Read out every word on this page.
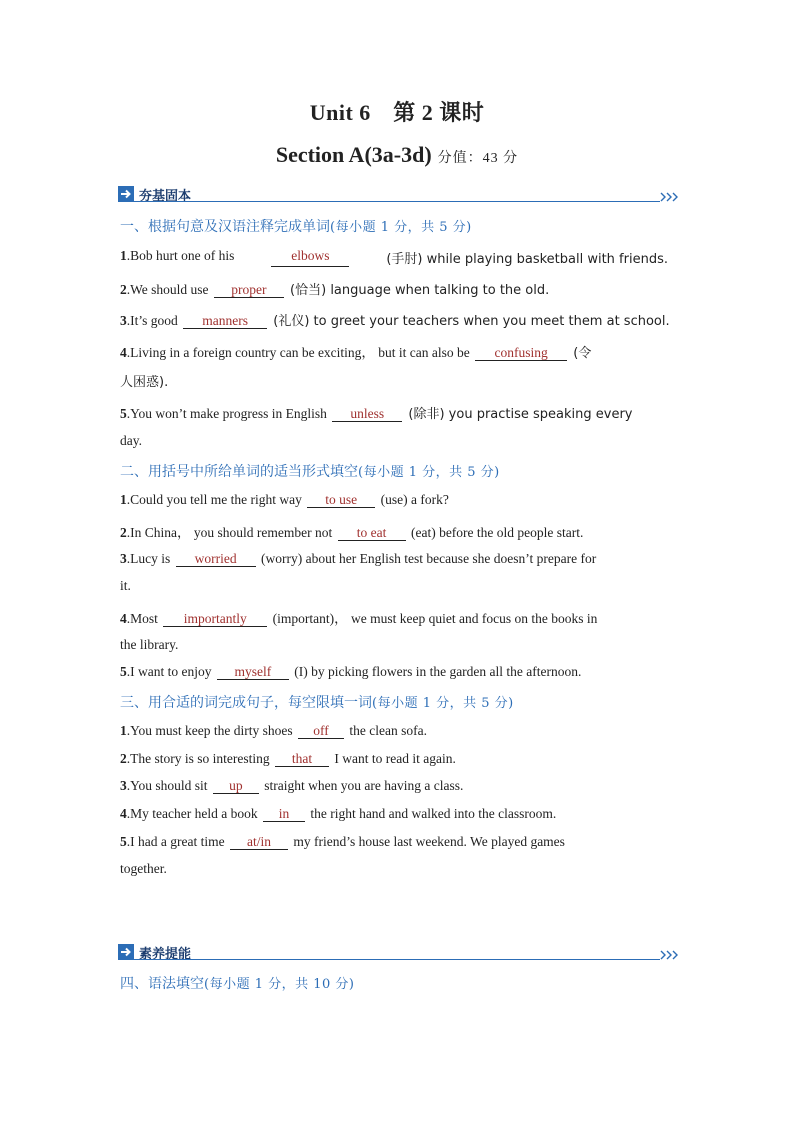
Unit 6　第 2 课时
Section A(3a-3d) 分值：43 分
夯基固本
一、根据句意及汉语注释完成单词(每小题 1 分，共 5 分)
1.Bob hurt one of his	elbows	(手肘) while playing basketball with friends.
2.We should use proper (恰当) language when talking to the old.
3.It’s good manners (礼仪) to greet your teachers when you meet them at school.
4.Living in a foreign country can be exciting， but it can also be confusing (令
人困惑).
5.You won’t make progress in English unless (除非) you practise speaking every
day.
二、用括号中所给单词的适当形式填空(每小题 1 分，共 5 分)
1.Could you tell me the right way to use (use) a fork?
2.In China， you should remember not to eat (eat) before the old people start.
3.Lucy is worried (worry) about her English test because she doesn’t prepare for
it.
4.Most importantly (important)， we must keep quiet and focus on the books in
the library.
5.I want to enjoy myself (I) by picking flowers in the garden all the afternoon.
三、用合适的词完成句子，每空限填一词(每小题 1 分，共 5 分)
1.You must keep the dirty shoes off the clean sofa.
2.The story is so interesting that I want to read it again.
3.You should sit up straight when you are having a class.
4.My teacher held a book in the right hand and walked into the classroom.
5.I had a great time at/in my friend’s house last weekend. We played games
together.
素养提能
四、语法填空(每小题 1 分，共 10 分)
